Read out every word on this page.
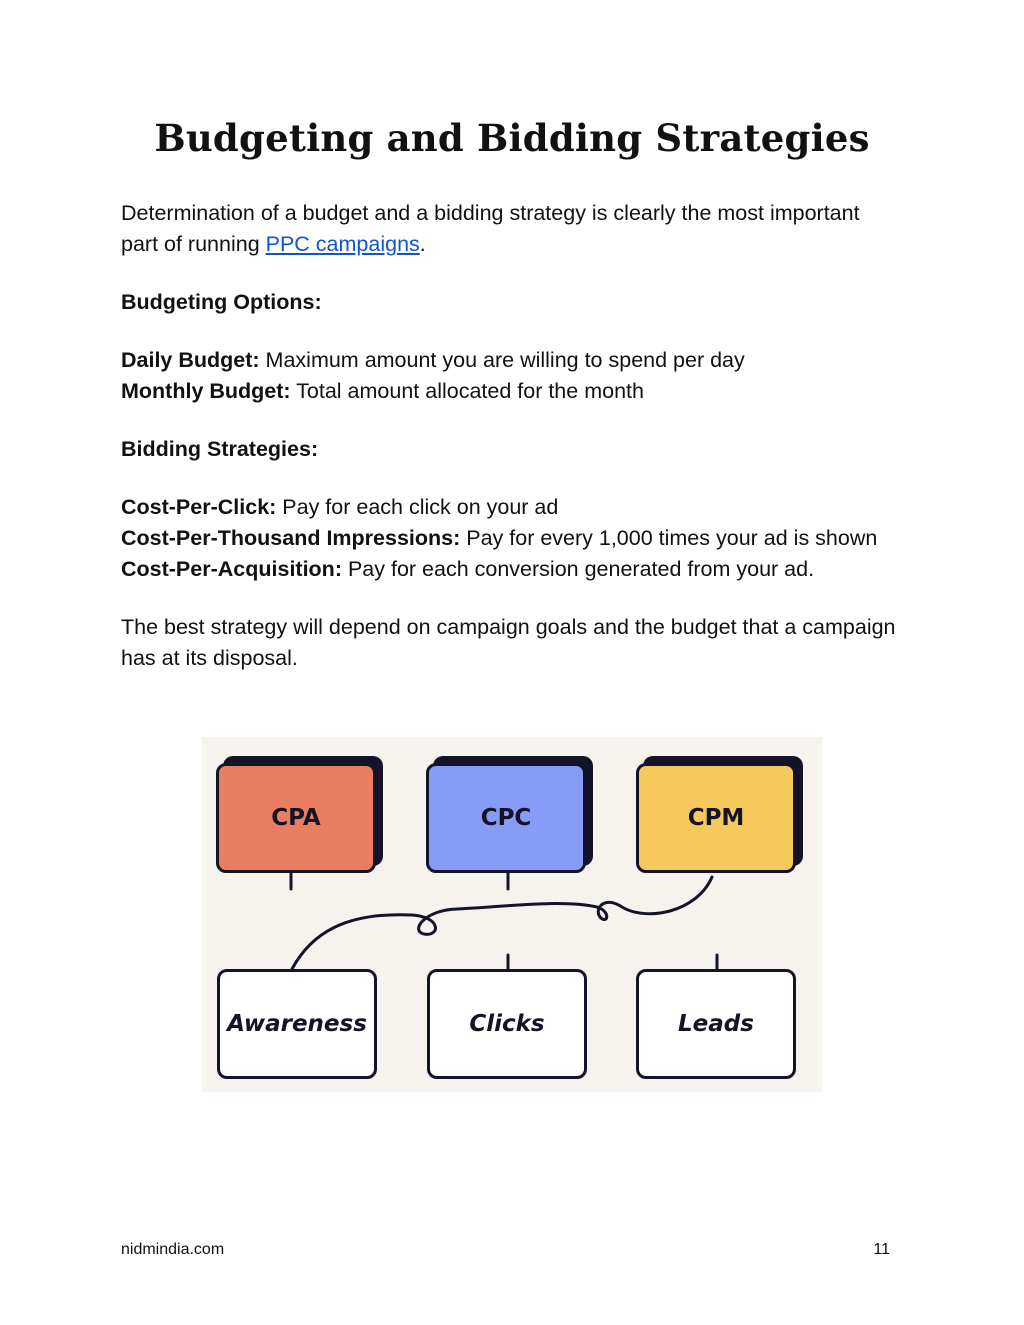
Budgeting and Bidding Strategies

Determination of a budget and a bidding strategy is clearly the most important part of running PPC campaigns.

Budgeting Options:

Daily Budget: Maximum amount you are willing to spend per day

Monthly Budget: Total amount allocated for the month

Bidding Strategies:

Cost-Per-Click: Pay for each click on your ad

Cost-Per-Thousand Impressions: Pay for every 1,000 times your ad is shown

Cost-Per-Acquisition: Pay for each conversion generated from your ad.

The best strategy will depend on campaign goals and the budget that a campaign has at its disposal.

CPA	CPC	CPM
Awareness	Clicks	Leads
nidmindia.com	11
